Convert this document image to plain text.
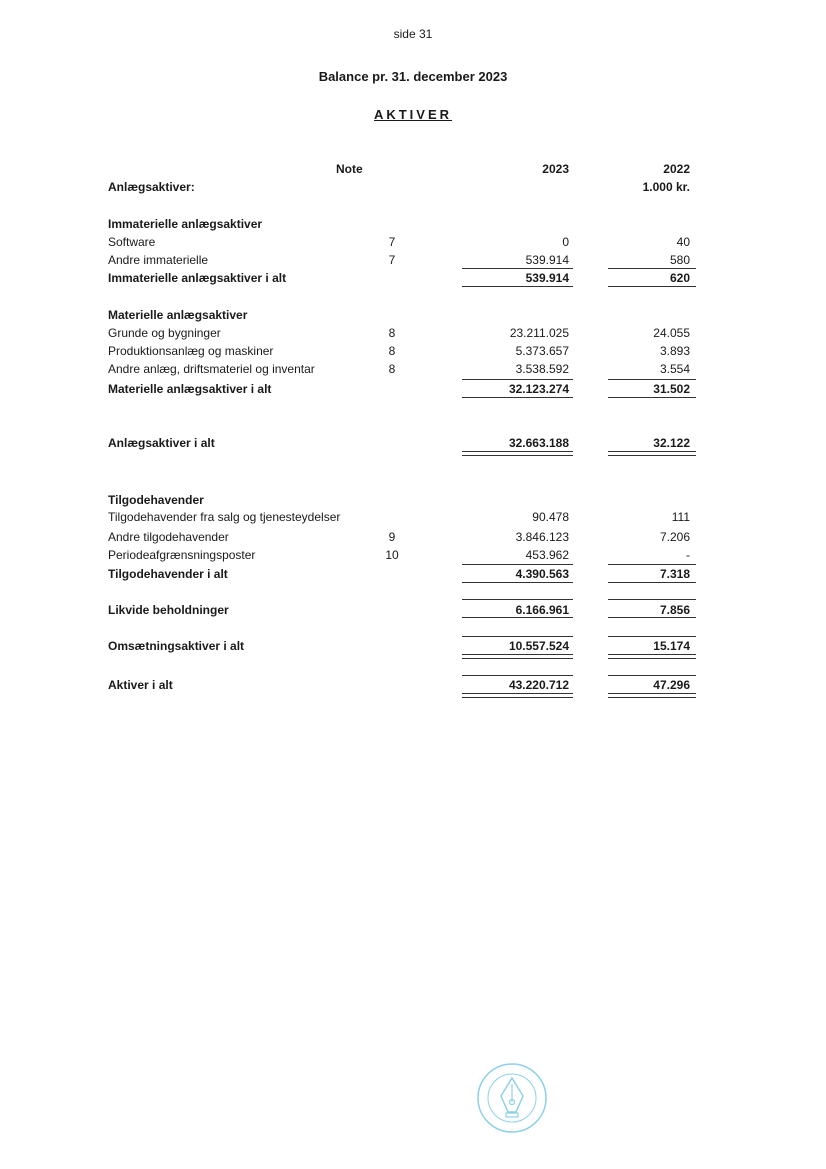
side 31
Balance pr. 31. december 2023
AKTIVER
Note	2023	2022
Anlægsaktiver:	1.000 kr.
Immaterielle anlægsaktiver
Software	7	0	40
Andre immaterielle	7	539.914	580
Immaterielle anlægsaktiver i alt	539.914	620
Materielle anlægsaktiver
Grunde og bygninger	8	23.211.025	24.055
Produktionsanlæg og maskiner	8	5.373.657	3.893
Andre anlæg, driftsmateriel og inventar	8	3.538.592	3.554
Materielle anlægsaktiver i alt	32.123.274	31.502
Anlægsaktiver i alt	32.663.188	32.122
Tilgodehavender
Tilgodehavender fra salg og tjenesteydelser	90.478	111
Andre tilgodehavender	9	3.846.123	7.206
Periodeafgrænsningsposter	10	453.962	-
Tilgodehavender i alt	4.390.563	7.318
Likvide beholdninger	6.166.961	7.856
Omsætningsaktiver i alt	10.557.524	15.174
Aktiver i alt	43.220.712	47.296
